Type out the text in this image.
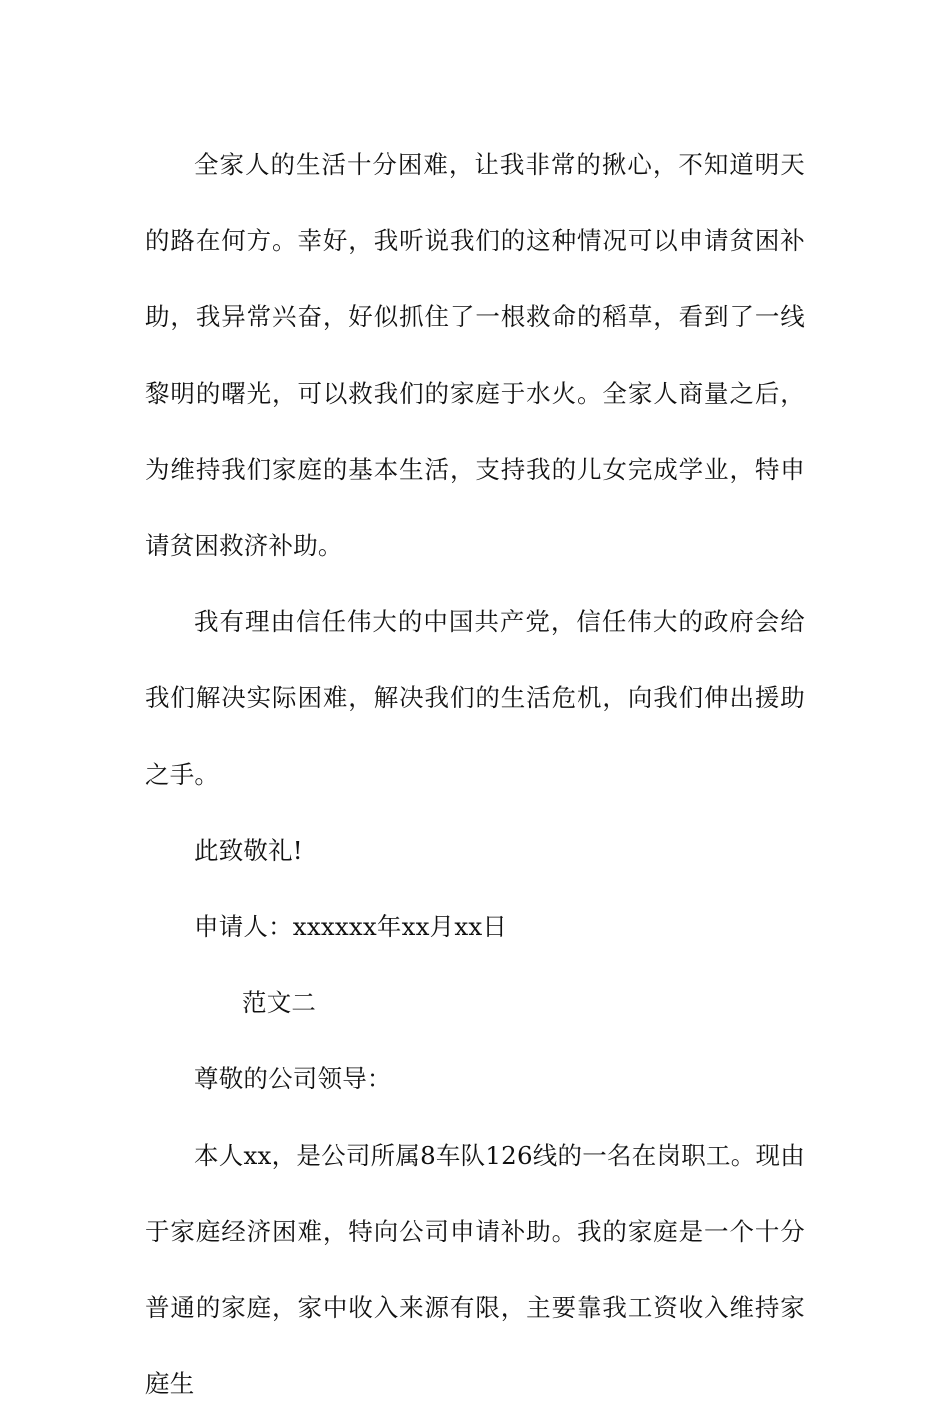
全家人的生活十分困难，让我非常的揪心，不知道明天的路在何方。幸好，我听说我们的这种情况可以申请贫困补助，我异常兴奋，好似抓住了一根救命的稻草，看到了一线黎明的曙光，可以救我们的家庭于水火。全家人商量之后，为维持我们家庭的基本生活，支持我的儿女完成学业，特申请贫困救济补助。

我有理由信任伟大的中国共产党，信任伟大的政府会给我们解决实际困难，解决我们的生活危机，向我们伸出援助之手。

此致敬礼!

申请人：xxxxxx年xx月xx日

范文二

尊敬的公司领导：

本人xx，是公司所属8车队126线的一名在岗职工。现由于家庭经济困难，特向公司申请补助。我的家庭是一个十分普通的家庭，家中收入来源有限，主要靠我工资收入维持家庭生
